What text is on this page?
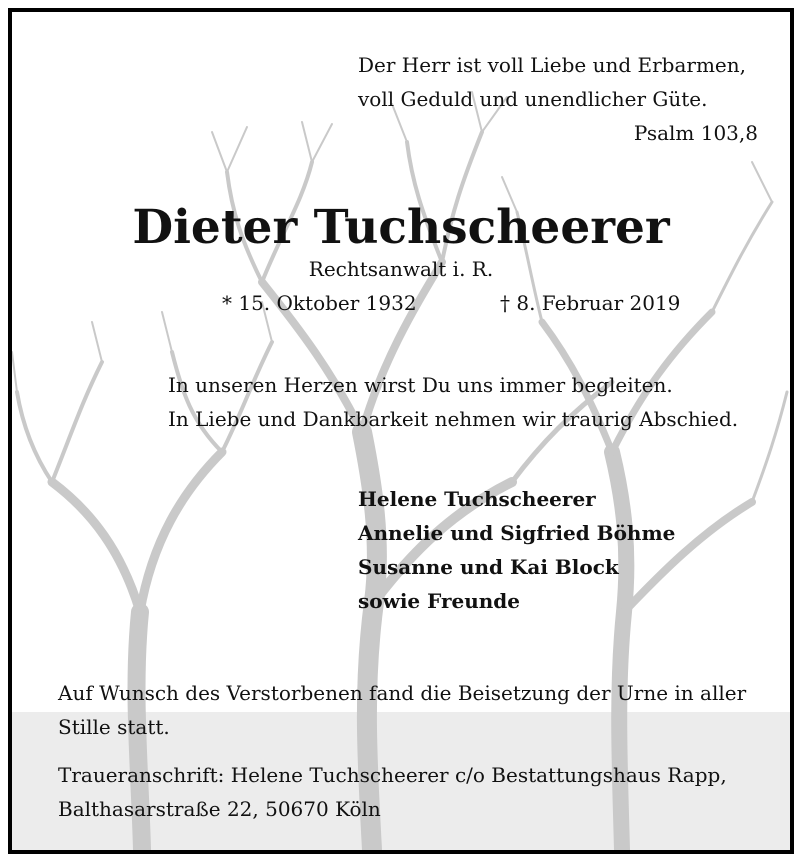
Der Herr ist voll Liebe und Erbarmen,
voll Geduld und unendlicher Güte.
Psalm 103,8
Dieter Tuchscheerer
Rechtsanwalt i. R.
* 15. Oktober 1932	† 8. Februar 2019
In unseren Herzen wirst Du uns immer begleiten.
In Liebe und Dankbarkeit nehmen wir traurig Abschied.
Helene Tuchscheerer
Annelie und Sigfried Böhme
Susanne und Kai Block
sowie Freunde
Auf Wunsch des Verstorbenen fand die Beisetzung der Urne in aller
Stille statt.
Traueranschrift: Helene Tuchscheerer c/o Bestattungshaus Rapp,
Balthasarstraße 22, 50670 Köln
